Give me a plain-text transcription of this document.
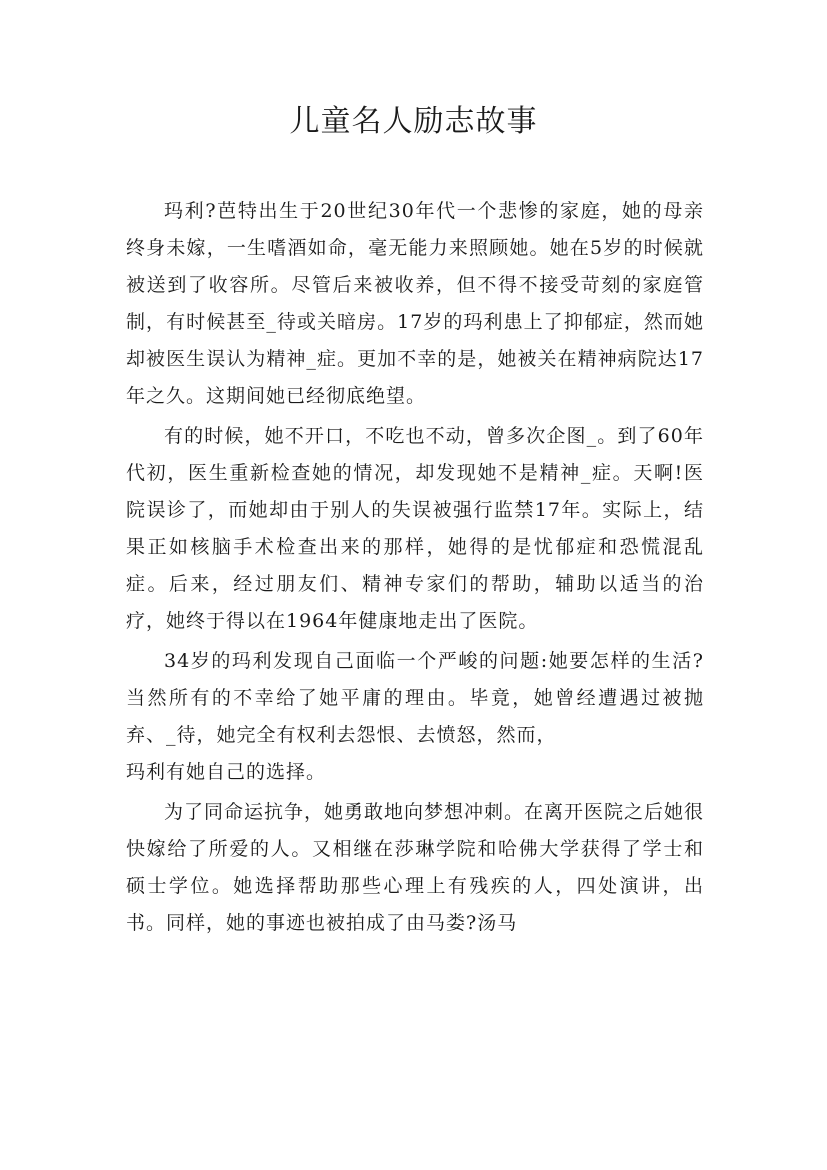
儿童名人励志故事

玛利?芭特出生于20世纪30年代一个悲惨的家庭，她的母亲终身未嫁，一生嗜酒如命，毫无能力来照顾她。她在5岁的时候就被送到了收容所。尽管后来被收养，但不得不接受苛刻的家庭管制，有时候甚至_待或关暗房。17岁的玛利患上了抑郁症，然而她却被医生误认为精神_症。更加不幸的是，她被关在精神病院达17年之久。这期间她已经彻底绝望。

有的时候，她不开口，不吃也不动，曾多次企图_。到了60年代初，医生重新检查她的情况，却发现她不是精神_症。天啊!医院误诊了，而她却由于别人的失误被强行监禁17年。实际上，结果正如核脑手术检查出来的那样，她得的是忧郁症和恐慌混乱症。后来，经过朋友们、精神专家们的帮助，辅助以适当的治疗，她终于得以在1964年健康地走出了医院。

34岁的玛利发现自己面临一个严峻的问题:她要怎样的生活?当然所有的不幸给了她平庸的理由。毕竟，她曾经遭遇过被抛弃、_待，她完全有权利去怨恨、去愤怒，然而，
玛利有她自己的选择。

为了同命运抗争，她勇敢地向梦想冲刺。在离开医院之后她很快嫁给了所爱的人。又相继在莎琳学院和哈佛大学获得了学士和硕士学位。她选择帮助那些心理上有残疾的人，四处演讲，出书。同样，她的事迹也被拍成了由马娄?汤马
